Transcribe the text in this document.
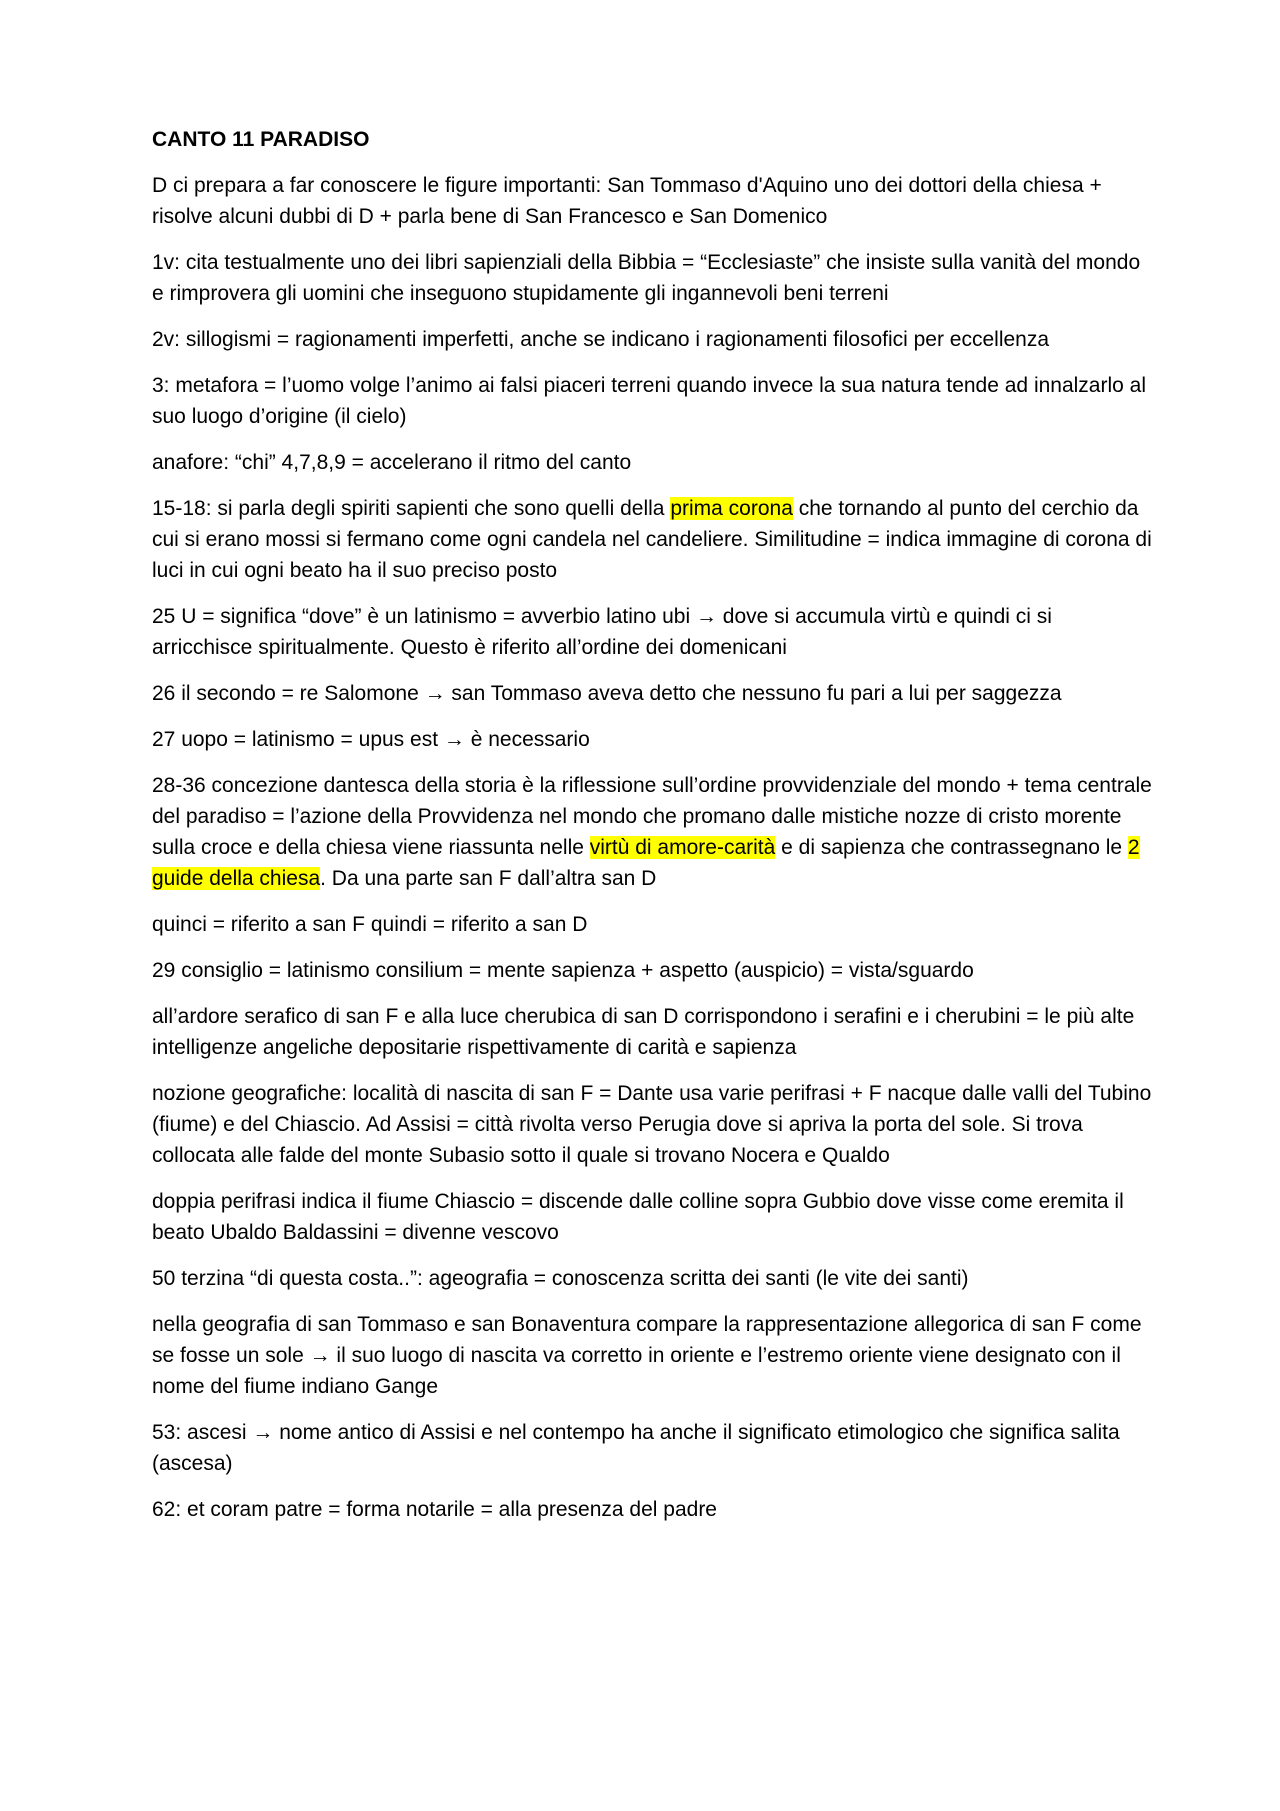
CANTO 11 PARADISO

D ci prepara a far conoscere le figure importanti: San Tommaso d'Aquino uno dei dottori della chiesa + risolve alcuni dubbi di D + parla bene di San Francesco e San Domenico

1v: cita testualmente uno dei libri sapienziali della Bibbia = “Ecclesiaste” che insiste sulla vanità del mondo e rimprovera gli uomini che inseguono stupidamente gli ingannevoli beni terreni

2v: sillogismi = ragionamenti imperfetti, anche se indicano i ragionamenti filosofici per eccellenza

3: metafora = l’uomo volge l’animo ai falsi piaceri terreni quando invece la sua natura tende ad innalzarlo al suo luogo d’origine (il cielo)

anafore: “chi” 4,7,8,9 = accelerano il ritmo del canto

15-18: si parla degli spiriti sapienti che sono quelli della prima corona che tornando al punto del cerchio da cui si erano mossi si fermano come ogni candela nel candeliere. Similitudine = indica immagine di corona di luci in cui ogni beato ha il suo preciso posto

25 U = significa “dove” è un latinismo = avverbio latino ubi → dove si accumula virtù e quindi ci si arricchisce spiritualmente. Questo è riferito all’ordine dei domenicani

26 il secondo = re Salomone → san Tommaso aveva detto che nessuno fu pari a lui per saggezza

27 uopo = latinismo = upus est → è necessario

28-36 concezione dantesca della storia è la riflessione sull’ordine provvidenziale del mondo + tema centrale del paradiso = l’azione della Provvidenza nel mondo che promano dalle mistiche nozze di cristo morente sulla croce e della chiesa viene riassunta nelle virtù di amore-carità e di sapienza che contrassegnano le 2 guide della chiesa. Da una parte san F dall’altra san D

quinci = riferito a san F quindi = riferito a san D

29 consiglio = latinismo consilium = mente sapienza + aspetto (auspicio) = vista/sguardo

all’ardore serafico di san F e alla luce cherubica di san D corrispondono i serafini e i cherubini = le più alte intelligenze angeliche depositarie rispettivamente di carità e sapienza

nozione geografiche: località di nascita di san F = Dante usa varie perifrasi + F nacque dalle valli del Tubino (fiume) e del Chiascio. Ad Assisi = città rivolta verso Perugia dove si apriva la porta del sole. Si trova collocata alle falde del monte Subasio sotto il quale si trovano Nocera e Qualdo

doppia perifrasi indica il fiume Chiascio = discende dalle colline sopra Gubbio dove visse come eremita il beato Ubaldo Baldassini = divenne vescovo

50 terzina “di questa costa..”: ageografia = conoscenza scritta dei santi (le vite dei santi)

nella geografia di san Tommaso e san Bonaventura compare la rappresentazione allegorica di san F come se fosse un sole → il suo luogo di nascita va corretto in oriente e l’estremo oriente viene designato con il nome del fiume indiano Gange

53: ascesi → nome antico di Assisi e nel contempo ha anche il significato etimologico che significa salita (ascesa)

62: et coram patre = forma notarile = alla presenza del padre
